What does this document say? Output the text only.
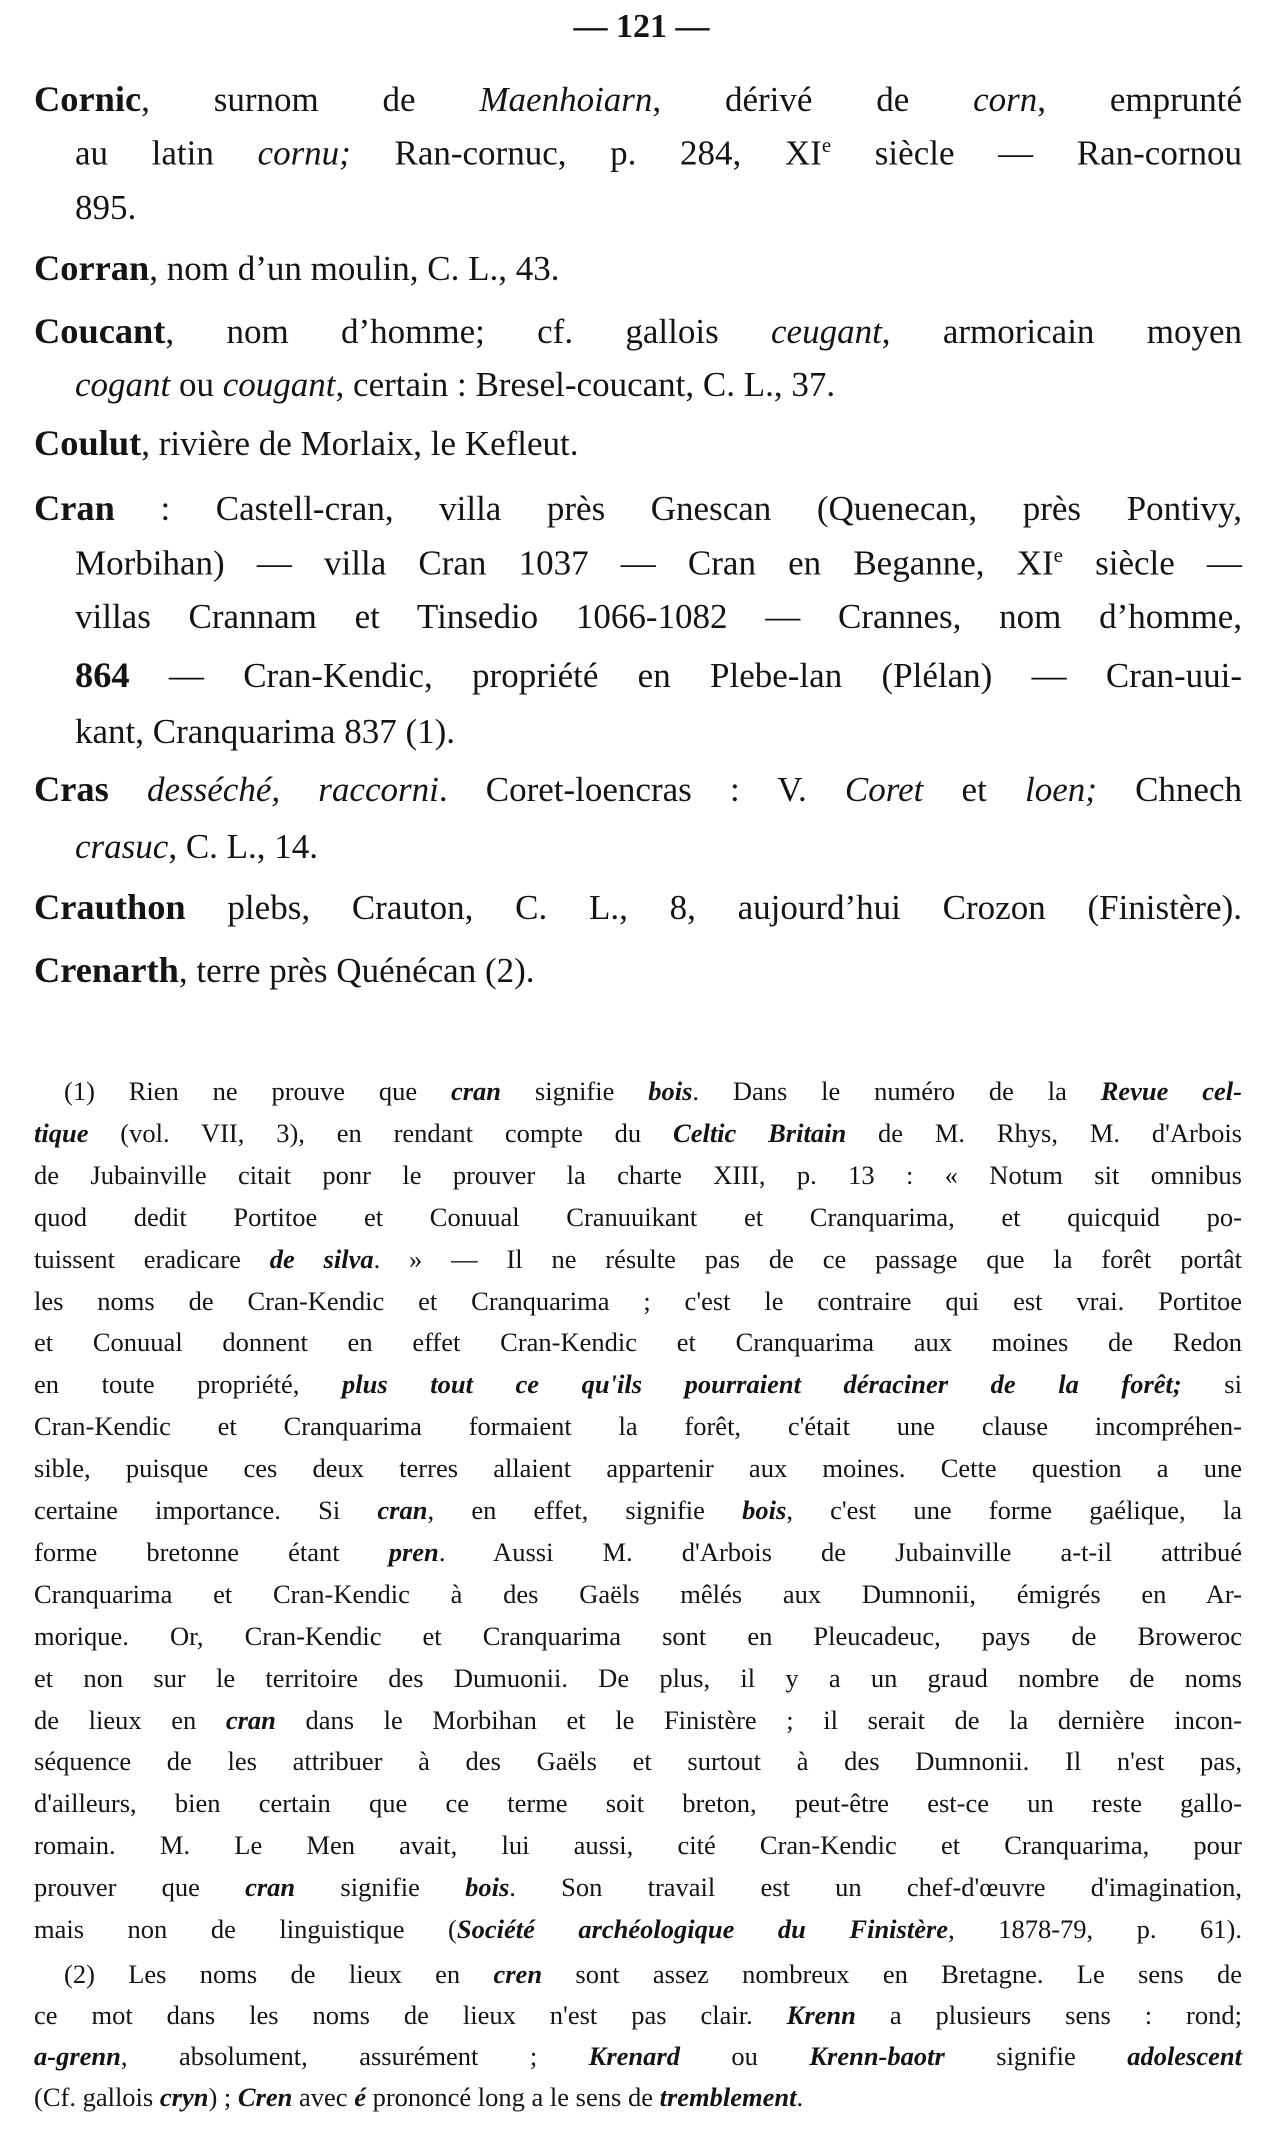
— 121 —
Cornic, surnom de Maenhoiarn, dérivé de corn, emprunté
au latin cornu; Ran-cornuc, p. 284, XIe siècle — Ran-cornou
895.
Corran, nom d’un moulin, C. L., 43.
Coucant, nom d’homme; cf. gallois ceugant, armoricain moyen
cogant ou cougant, certain : Bresel-coucant, C. L., 37.
Coulut, rivière de Morlaix, le Kefleut.
Cran : Castell-cran, villa près Gnescan (Quenecan, près Pontivy,
Morbihan) — villa Cran 1037 — Cran en Beganne, XIe siècle —
villas Crannam et Tinsedio 1066-1082 — Crannes, nom d’homme,
864 — Cran-Kendic, propriété en Plebe-lan (Plélan) — Cran-uui-
kant, Cranquarima 837 (1).
Cras desséché, raccorni. Coret-loencras : V. Coret et loen; Chnech
crasuc, C. L., 14.
Crauthon plebs, Crauton, C. L., 8, aujourd’hui Crozon (Finistère).
Crenarth, terre près Quénécan (2).
(1) Rien ne prouve que cran signifie bois. Dans le numéro de la Revue cel-
tique (vol. VII, 3), en rendant compte du Celtic Britain de M. Rhys, M. d'Arbois
de Jubainville citait ponr le prouver la charte XIII, p. 13 : « Notum sit omnibus
quod dedit Portitoe et Conuual Cranuuikant et Cranquarima, et quicquid po-
tuissent eradicare de silva. » — Il ne résulte pas de ce passage que la forêt portât
les noms de Cran-Kendic et Cranquarima ; c'est le contraire qui est vrai. Portitoe
et Conuual donnent en effet Cran-Kendic et Cranquarima aux moines de Redon
en toute propriété, plus tout ce qu'ils pourraient déraciner de la forêt; si
Cran-Kendic et Cranquarima formaient la forêt, c'était une clause incompréhen-
sible, puisque ces deux terres allaient appartenir aux moines. Cette question a une
certaine importance. Si cran, en effet, signifie bois, c'est une forme gaélique, la
forme bretonne étant pren. Aussi M. d'Arbois de Jubainville a-t-il attribué
Cranquarima et Cran-Kendic à des Gaëls mêlés aux Dumnonii, émigrés en Ar-
morique. Or, Cran-Kendic et Cranquarima sont en Pleucadeuc, pays de Broweroc
et non sur le territoire des Dumuonii. De plus, il y a un graud nombre de noms
de lieux en cran dans le Morbihan et le Finistère ; il serait de la dernière incon-
séquence de les attribuer à des Gaëls et surtout à des Dumnonii. Il n'est pas,
d'ailleurs, bien certain que ce terme soit breton, peut-être est-ce un reste gallo-
romain. M. Le Men avait, lui aussi, cité Cran-Kendic et Cranquarima, pour
prouver que cran signifie bois. Son travail est un chef-d'œuvre d'imagination,
mais non de linguistique (Société archéologique du Finistère, 1878-79, p. 61).
(2) Les noms de lieux en cren sont assez nombreux en Bretagne. Le sens de
ce mot dans les noms de lieux n'est pas clair. Krenn a plusieurs sens : rond;
a-grenn, absolument, assurément ; Krenard ou Krenn-baotr signifie adolescent
(Cf. gallois cryn) ; Cren avec é prononcé long a le sens de tremblement.
